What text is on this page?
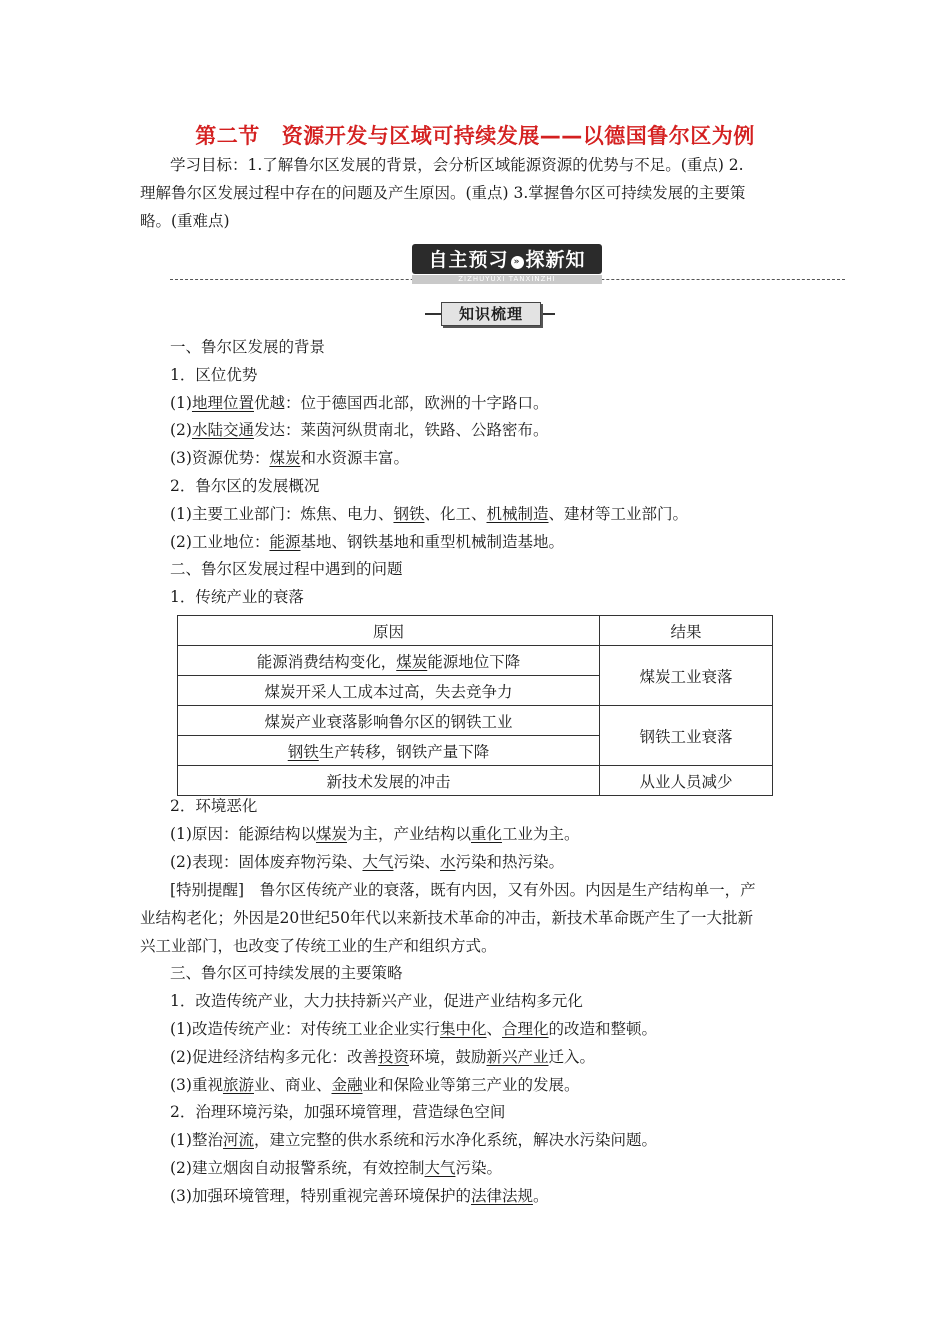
第二节 资源开发与区域可持续发展——以德国鲁尔区为例
学习目标：1.了解鲁尔区发展的背景，会分析区域能源资源的优势与不足。(重点) 2.
理解鲁尔区发展过程中存在的问题及产生原因。(重点) 3.掌握鲁尔区可持续发展的主要策
略。(重难点)
自主预习 » 探新知
ZIZHUYUXI TANXINZHI
知识梳理
一、鲁尔区发展的背景
1．区位优势
(1)地理位置优越：位于德国西北部，欧洲的十字路口。
(2)水陆交通发达：莱茵河纵贯南北，铁路、公路密布。
(3)资源优势：煤炭和水资源丰富。
2．鲁尔区的发展概况
(1)主要工业部门：炼焦、电力、钢铁、化工、机械制造、建材等工业部门。
(2)工业地位：能源基地、钢铁基地和重型机械制造基地。
二、鲁尔区发展过程中遇到的问题
1．传统产业的衰落
原因	结果
能源消费结构变化，煤炭能源地位下降	煤炭工业衰落
煤炭开采人工成本过高，失去竞争力	
煤炭产业衰落影响鲁尔区的钢铁工业	钢铁工业衰落
钢铁生产转移，钢铁产量下降	
新技术发展的冲击	从业人员减少
2．环境恶化
(1)原因：能源结构以煤炭为主，产业结构以重化工业为主。
(2)表现：固体废弃物污染、大气污染、水污染和热污染。
[特别提醒]　鲁尔区传统产业的衰落，既有内因，又有外因。内因是生产结构单一，产
业结构老化；外因是20世纪50年代以来新技术革命的冲击，新技术革命既产生了一大批新
兴工业部门，也改变了传统工业的生产和组织方式。
三、鲁尔区可持续发展的主要策略
1．改造传统产业，大力扶持新兴产业，促进产业结构多元化
(1)改造传统产业：对传统工业企业实行集中化、合理化的改造和整顿。
(2)促进经济结构多元化：改善投资环境，鼓励新兴产业迁入。
(3)重视旅游业、商业、金融业和保险业等第三产业的发展。
2．治理环境污染，加强环境管理，营造绿色空间
(1)整治河流，建立完整的供水系统和污水净化系统，解决水污染问题。
(2)建立烟囱自动报警系统，有效控制大气污染。
(3)加强环境管理，特别重视完善环境保护的法律法规。
